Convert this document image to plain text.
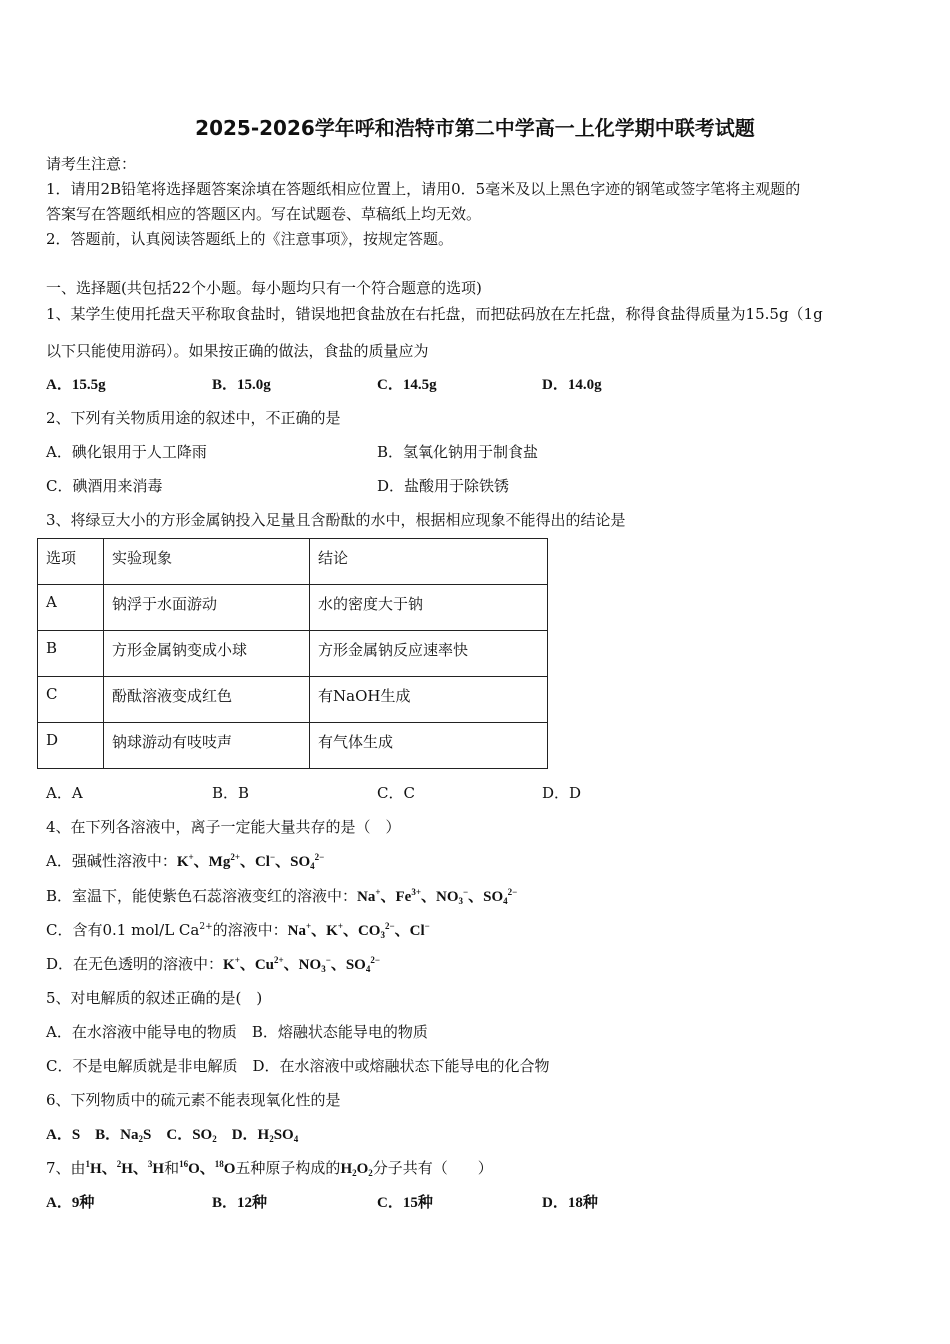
2025-2026学年呼和浩特市第二中学高一上化学期中联考试题
请考生注意：
1．请用2B铅笔将选择题答案涂填在答题纸相应位置上，请用0．5毫米及以上黑色字迹的钢笔或签字笔将主观题的
答案写在答题纸相应的答题区内。写在试题卷、草稿纸上均无效。
2．答题前，认真阅读答题纸上的《注意事项》，按规定答题。
一、选择题(共包括22个小题。每小题均只有一个符合题意的选项)
1、某学生使用托盘天平称取食盐时，错误地把食盐放在右托盘，而把砝码放在左托盘，称得食盐得质量为15.5g（1g
以下只能使用游码）。如果按正确的做法，食盐的质量应为
A．15.5g	B．15.0g	C．14.5g	D．14.0g
2、下列有关物质用途的叙述中，不正确的是
A．碘化银用于人工降雨	B．氢氧化钠用于制食盐
C．碘酒用来消毒	D．盐酸用于除铁锈
3、将绿豆大小的方形金属钠投入足量且含酚酞的水中，根据相应现象不能得出的结论是
选项	实验现象	结论
A	钠浮于水面游动	水的密度大于钠
B	方形金属钠变成小球	方形金属钠反应速率快
C	酚酞溶液变成红色	有NaOH生成
D	钠球游动有吱吱声	有气体生成
A．A	B．B	C．C	D．D
4、在下列各溶液中，离子一定能大量共存的是（　）
A．强碱性溶液中：K+、$Mg^{2+}$、Cl−、$SO_4^{2-}$
B．室温下，能使紫色石蕊溶液变红的溶液中：Na+、$Fe^{3+}$、$NO_3^-$、$SO_4^{2-}$
C．含有0.1 mol/L $Ca^{2+}$的溶液中：Na+、K+、$CO_3^{2-}$、Cl−
D．在无色透明的溶液中：K+、$Cu^{2+}$、$NO_3^-$、$SO_4^{2-}$
5、对电解质的叙述正确的是(　)
A．在水溶液中能导电的物质　B．熔融状态能导电的物质
C．不是电解质就是非电解质　D．在水溶液中或熔融状态下能导电的化合物
6、下列物质中的硫元素不能表现氧化性的是
A．S　B．$Na_2S$　C．$SO_2$　D．$H_2SO_4$
7、由$^1$H、$^2$H、$^3$H和$^{16}$O、$^{18}$O五种原子构成的$H_2O_2$分子共有（　　）
A．9种	B．12种	C．15种	D．18种
